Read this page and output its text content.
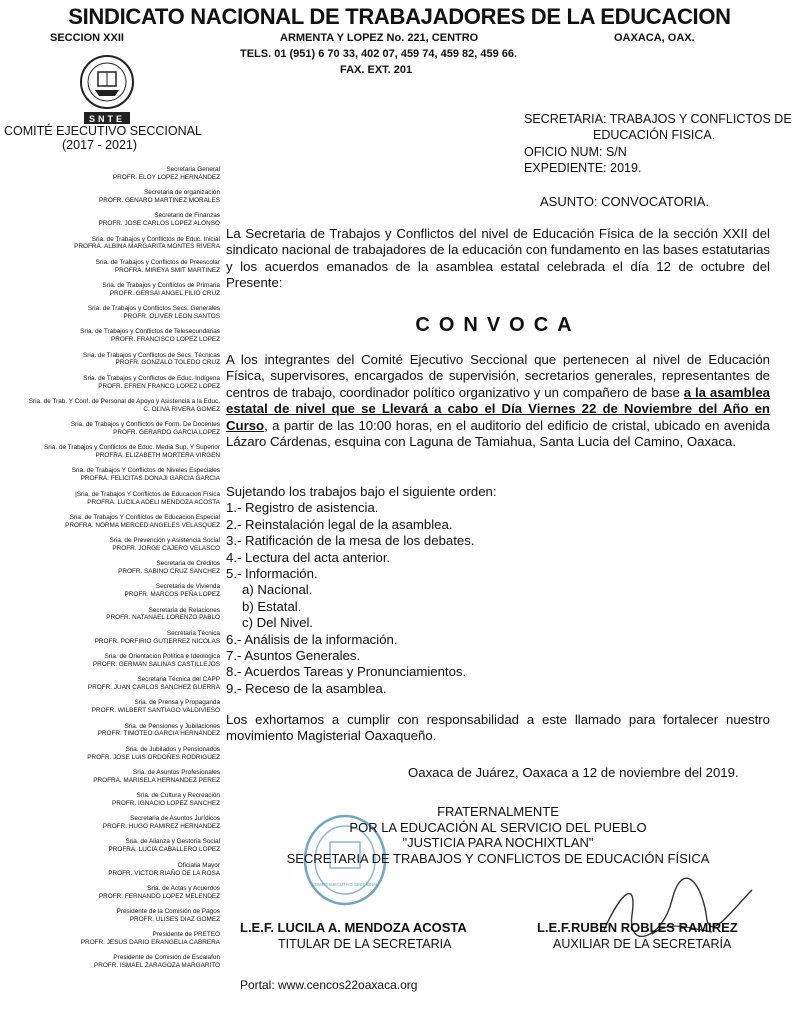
SINDICATO NACIONAL DE TRABAJADORES DE LA EDUCACION
SECCION XXII	ARMENTA Y LOPEZ No. 221, CENTRO	OAXACA, OAX.
TELS. 01 (951) 6 70 33, 402 07, 459 74, 459 82, 459 66.
FAX. EXT. 201
SNTE
COMITÉ EJECUTIVO SECCIONAL
(2017 - 2021)
Secretaria General
PROFR. ELOY LOPEZ HERNANDEZ
Secretaria de organización
PROFR. GENARO MARTINEZ MORALES
Secretario de Finanzas
PROFR. JOSE CARLOS LOPEZ ALONSO
Sria. de Trabajos y Conflictos de Educ. Inicial
PROFRA. ALBINA MARGARITA MONTES RIVERA
Sria. de Trabajos y Conflictos de Preescolar
PROFRA. MIREYA SMIT MARTINEZ
Sria. de Trabajos y Conflictos de Primaria
PROFR. GERSAI ANGEL FILIO CRUZ
Sria. de Trabajos y Conflictos Secs. Generales
PROFR. OLIVER LEON SANTOS
Sria. de Trabajos y Conflictos de Telesecundarias
PROFR. FRANCISCO LOPEZ LOPEZ
Sria. de Trabajos y Conflictos de Secs. Técnicas
PROFR. GONZALO TOLEDO CRUZ
Sria. de Trabajos y Conflictos de Educ. Indígena
PROFR. EFREN FRANCO LOPEZ LOPEZ
Sria. de Trab. Y Conf. de Personal de Apoyo y Asistencia a la Educ.
C. OLIVA RIVERA GOMEZ
Sria. de Trabajos y Conflictos de Form. De Docentes
PROFR. GERARDO GARCIA LOPEZ
Sria. de Trabajos y Conflictos de Educ. Media Sup. Y Superior
PROFRA. ELIZABETH MORTERA VIRGEN
Sria. de Trabajos Y Conflictos de Niveles Especiales
PROFRA. FELICITAS DONAJI GARCIA GARCIA
|Sria. de Trabajos Y Conflictos de Educacion Física
PROFRA. LUCILA ADELI MENDOZA ACOSTA
Sria. de Trabajos Y Conflictos de Educacion Especial
PROFRA. NORMA MERCED ANGELES VELASQUEZ
Sria. de Prevención y Asistencia Social
PROFR. JORGE CAJERO VELASCO
Secretaria de Créditos
PROFR. SABINO CRUZ SANCHEZ
Secretaria de Vivienda
PROFR. MARCOS PEÑA LOPEZ
Secretaria de Relaciones
PROFR. NATANAEL LORENZO PABLO
Secretaria Técnica
PROFR. PORFIRIO GUTIERREZ NICOLAS
Sria. de Orientación Política e Ideológica
PROFR. GERMAN SALINAS CASTILLEJOS
Secretaria Técnica del CAPP
PROFR. JUAN CARLOS SANCHEZ GUERRA
Sria. de Prensa y Propaganda
PROFR. WILBERT SANTIAGO VALDIVIESO
Sria. de Pensiones y Jubilaciones
PROFR. TIMOTEO GARCIA HERNANDEZ
Sria. de Jubilados y Pensionados
PROFR. JOSE LUIS ORDOÑES RODRIGUEZ
Sria. de Asuntos Profesionales
PROFRA. MARISELA HERNANDEZ PEREZ
Sria. de Cultura y Recreación
PROFR. IGNACIO LOPEZ SANCHEZ
Secretaria de Asuntos Jurídicos
PROFR. HUGO RAMIREZ HERNANDEZ
Sria. de Alianza y Gestoria Social
PROFRA. LUCIA CABALLERO LOPEZ
Oficialia Mayor
PROFR. VICTOR RIAÑO DE LA ROSA
Sria. de Actas y Acuerdos
PROFR. FERNANDO LOPEZ MELENDEZ
Presidente de la Comisión de Pagos
PROFR. ULISES DIAZ GOMEZ
Presidente de PRETEO
PROFR. JESUS DARIO ERANGELIA CABRERA
Presidente de Comisión de Escalafon
PROFR. ISMAEL ZARAGOZA MARGARITO
SECRETARIA: TRABAJOS Y CONFLICTOS DE
EDUCACIÓN FISICA.
OFICIO NUM: S/N
EXPEDIENTE: 2019.
ASUNTO: CONVOCATORIA.
La Secretaria de Trabajos y Conflictos del nivel de Educación Física de la sección XXII del sindicato nacional de trabajadores de la educación con fundamento en las bases estatutarias y los acuerdos emanados de la asamblea estatal celebrada el día 12 de octubre del Presente:
CONVOCA
A los integrantes del Comité Ejecutivo Seccional que pertenecen al nivel de Educación Física, supervisores, encargados de supervisión, secretarios generales, representantes de centros de trabajo, coordinador político organizativo y un compañero de base a la asamblea estatal de nivel que se Llevará a cabo el Día Viernes 22 de Noviembre del Año en Curso, a partir de las 10:00 horas, en el auditorio del edificio de cristal, ubicado en avenida Lázaro Cárdenas, esquina con Laguna de Tamiahua, Santa Lucia del Camino, Oaxaca.
Sujetando los trabajos bajo el siguiente orden:
1.- Registro de asistencia.
2.- Reinstalación legal de la asamblea.
3.- Ratificación de la mesa de los debates.
4.- Lectura del acta anterior.
5.- Información.
a) Nacional.
b) Estatal.
c) Del Nivel.
6.- Análisis de la información.
7.- Asuntos Generales.
8.- Acuerdos Tareas y Pronunciamientos.
9.- Receso de la asamblea.
Los exhortamos a cumplir con responsabilidad a este llamado para fortalecer nuestro movimiento Magisterial Oaxaqueño.
Oaxaca de Juárez, Oaxaca a 12 de noviembre del 2019.
COMITÉ EJECUTIVO SECCIONAL
FRATERNALMENTE
POR LA EDUCACIÓN AL SERVICIO DEL PUEBLO
"JUSTICIA PARA NOCHIXTLAN"
SECRETARIA DE TRABAJOS Y CONFLICTOS DE EDUCACIÓN FÍSICA
L.E.F. LUCILA A. MENDOZA ACOSTA
TITULAR DE LA SECRETARIA
L.E.F.RUBEN ROBLES RAMIREZ
AUXILIAR DE LA SECRETARÍA
Portal: www.cencos22oaxaca.org
